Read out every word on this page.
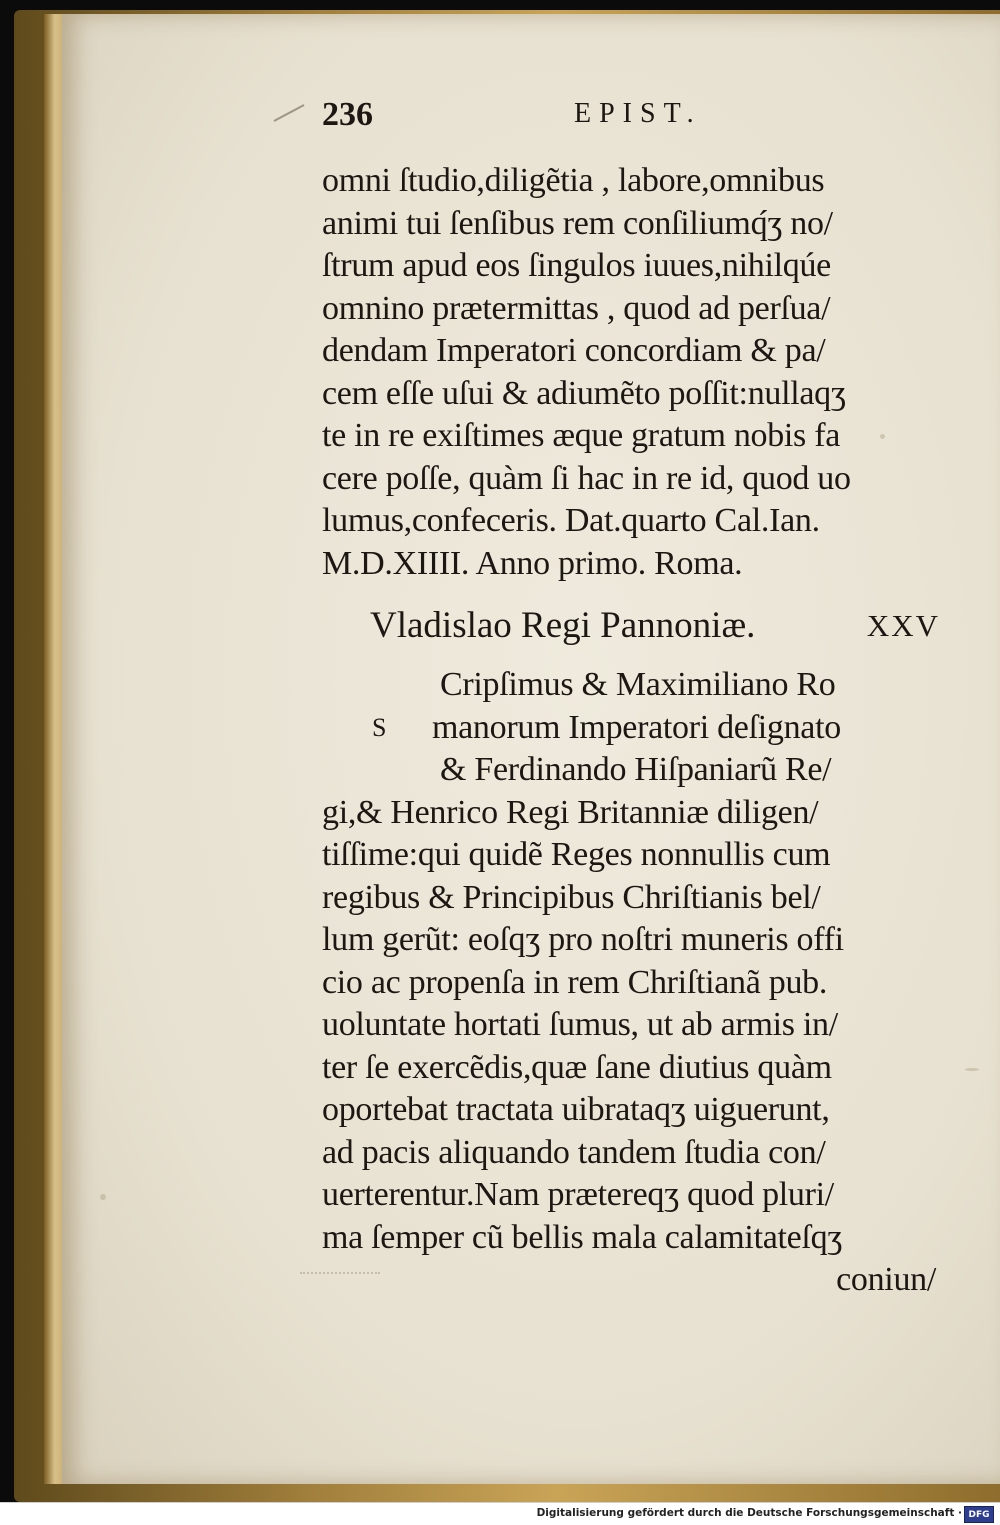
236	EPIST.
omni ſtudio,diligẽtia , labore,omnibus
animi tui ſenſibus rem conſiliumq́ʒ no/
ſtrum apud eos ſingulos iuues,nihilqúe
omnino prætermittas , quod ad perſua/
dendam Imperatori concordiam & pa/
cem eſſe uſui & adiumẽto poſſit:nullaqʒ
te in re exiſtimes æque gratum nobis fa
cere poſſe, quàm ſi hac in re id, quod uo
lumus,confeceris. Dat.quarto Cal.Ian.
M.D.XIIII. Anno primo. Roma.
Vladislao Regi Pannoniæ.	XXV
Cripſimus & Maximiliano Ro
S manorum Imperatori deſignato
& Ferdinando Hiſpaniarũ Re/
gi,& Henrico Regi Britanniæ diligen/
tiſſime:qui quidẽ Reges nonnullis cum
regibus & Principibus Chriſtianis bel/
lum gerũt: eoſqʒ pro noſtri muneris offi
cio ac propenſa in rem Chriſtianã pub.
uoluntate hortati ſumus, ut ab armis in/
ter ſe exercẽdis,quæ ſane diutius quàm
oportebat tractata uibrataqʒ uiguerunt,
ad pacis aliquando tandem ſtudia con/
uerterentur.Nam prætereqʒ quod pluri/
ma ſemper cũ bellis mala calamitateſqʒ
coniun/
Digitalisierung gefördert durch die Deutsche Forschungsgemeinschaft · DFG
